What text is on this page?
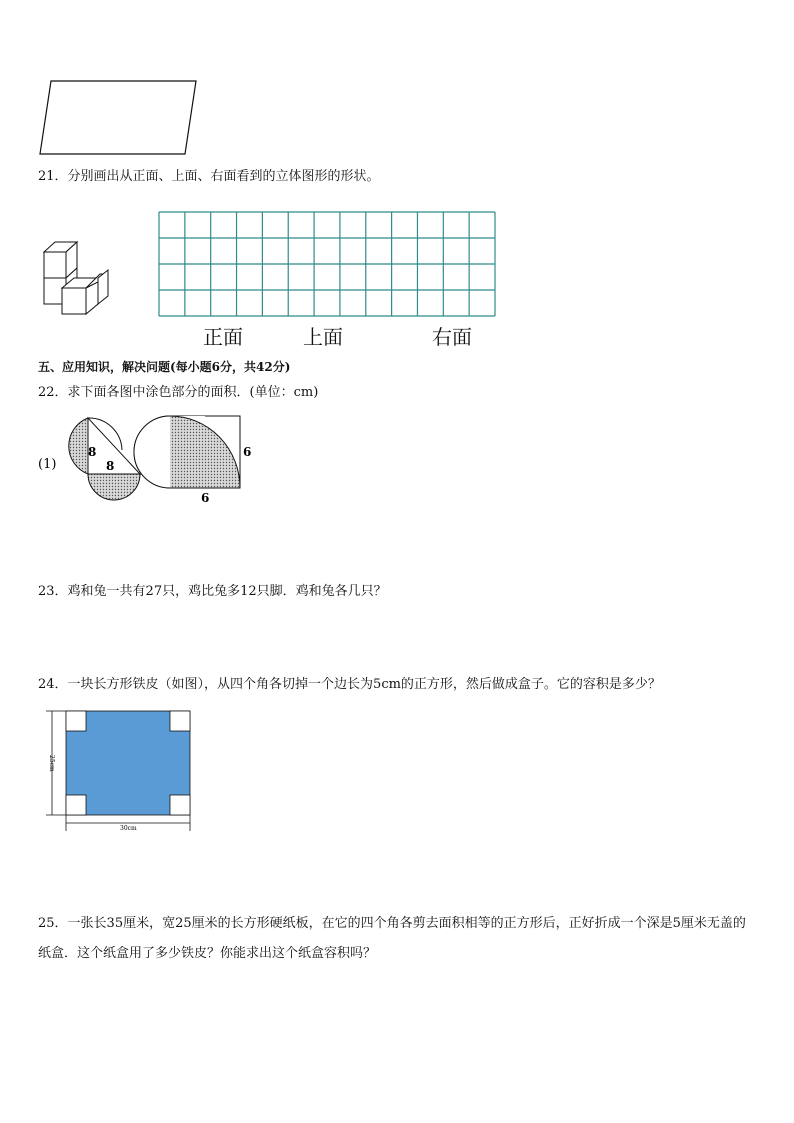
21．分别画出从正面、上面、右面看到的立体图形的形状。
正面	上面	右面
五、应用知识，解决问题(每小题6分，共42分)
22．求下面各图中涂色部分的面积．(单位：cm)
(1)
8
8
6
6
23．鸡和兔一共有27只，鸡比兔多12只脚．鸡和兔各几只？
24．一块长方形铁皮（如图），从四个角各切掉一个边长为5cm的正方形，然后做成盒子。它的容积是多少？
30cm
25cm
25．一张长35厘米，宽25厘米的长方形硬纸板，在它的四个角各剪去面积相等的正方形后，正好折成一个深是5厘米无盖的纸盒．这个纸盒用了多少铁皮？你能求出这个纸盒容积吗？
